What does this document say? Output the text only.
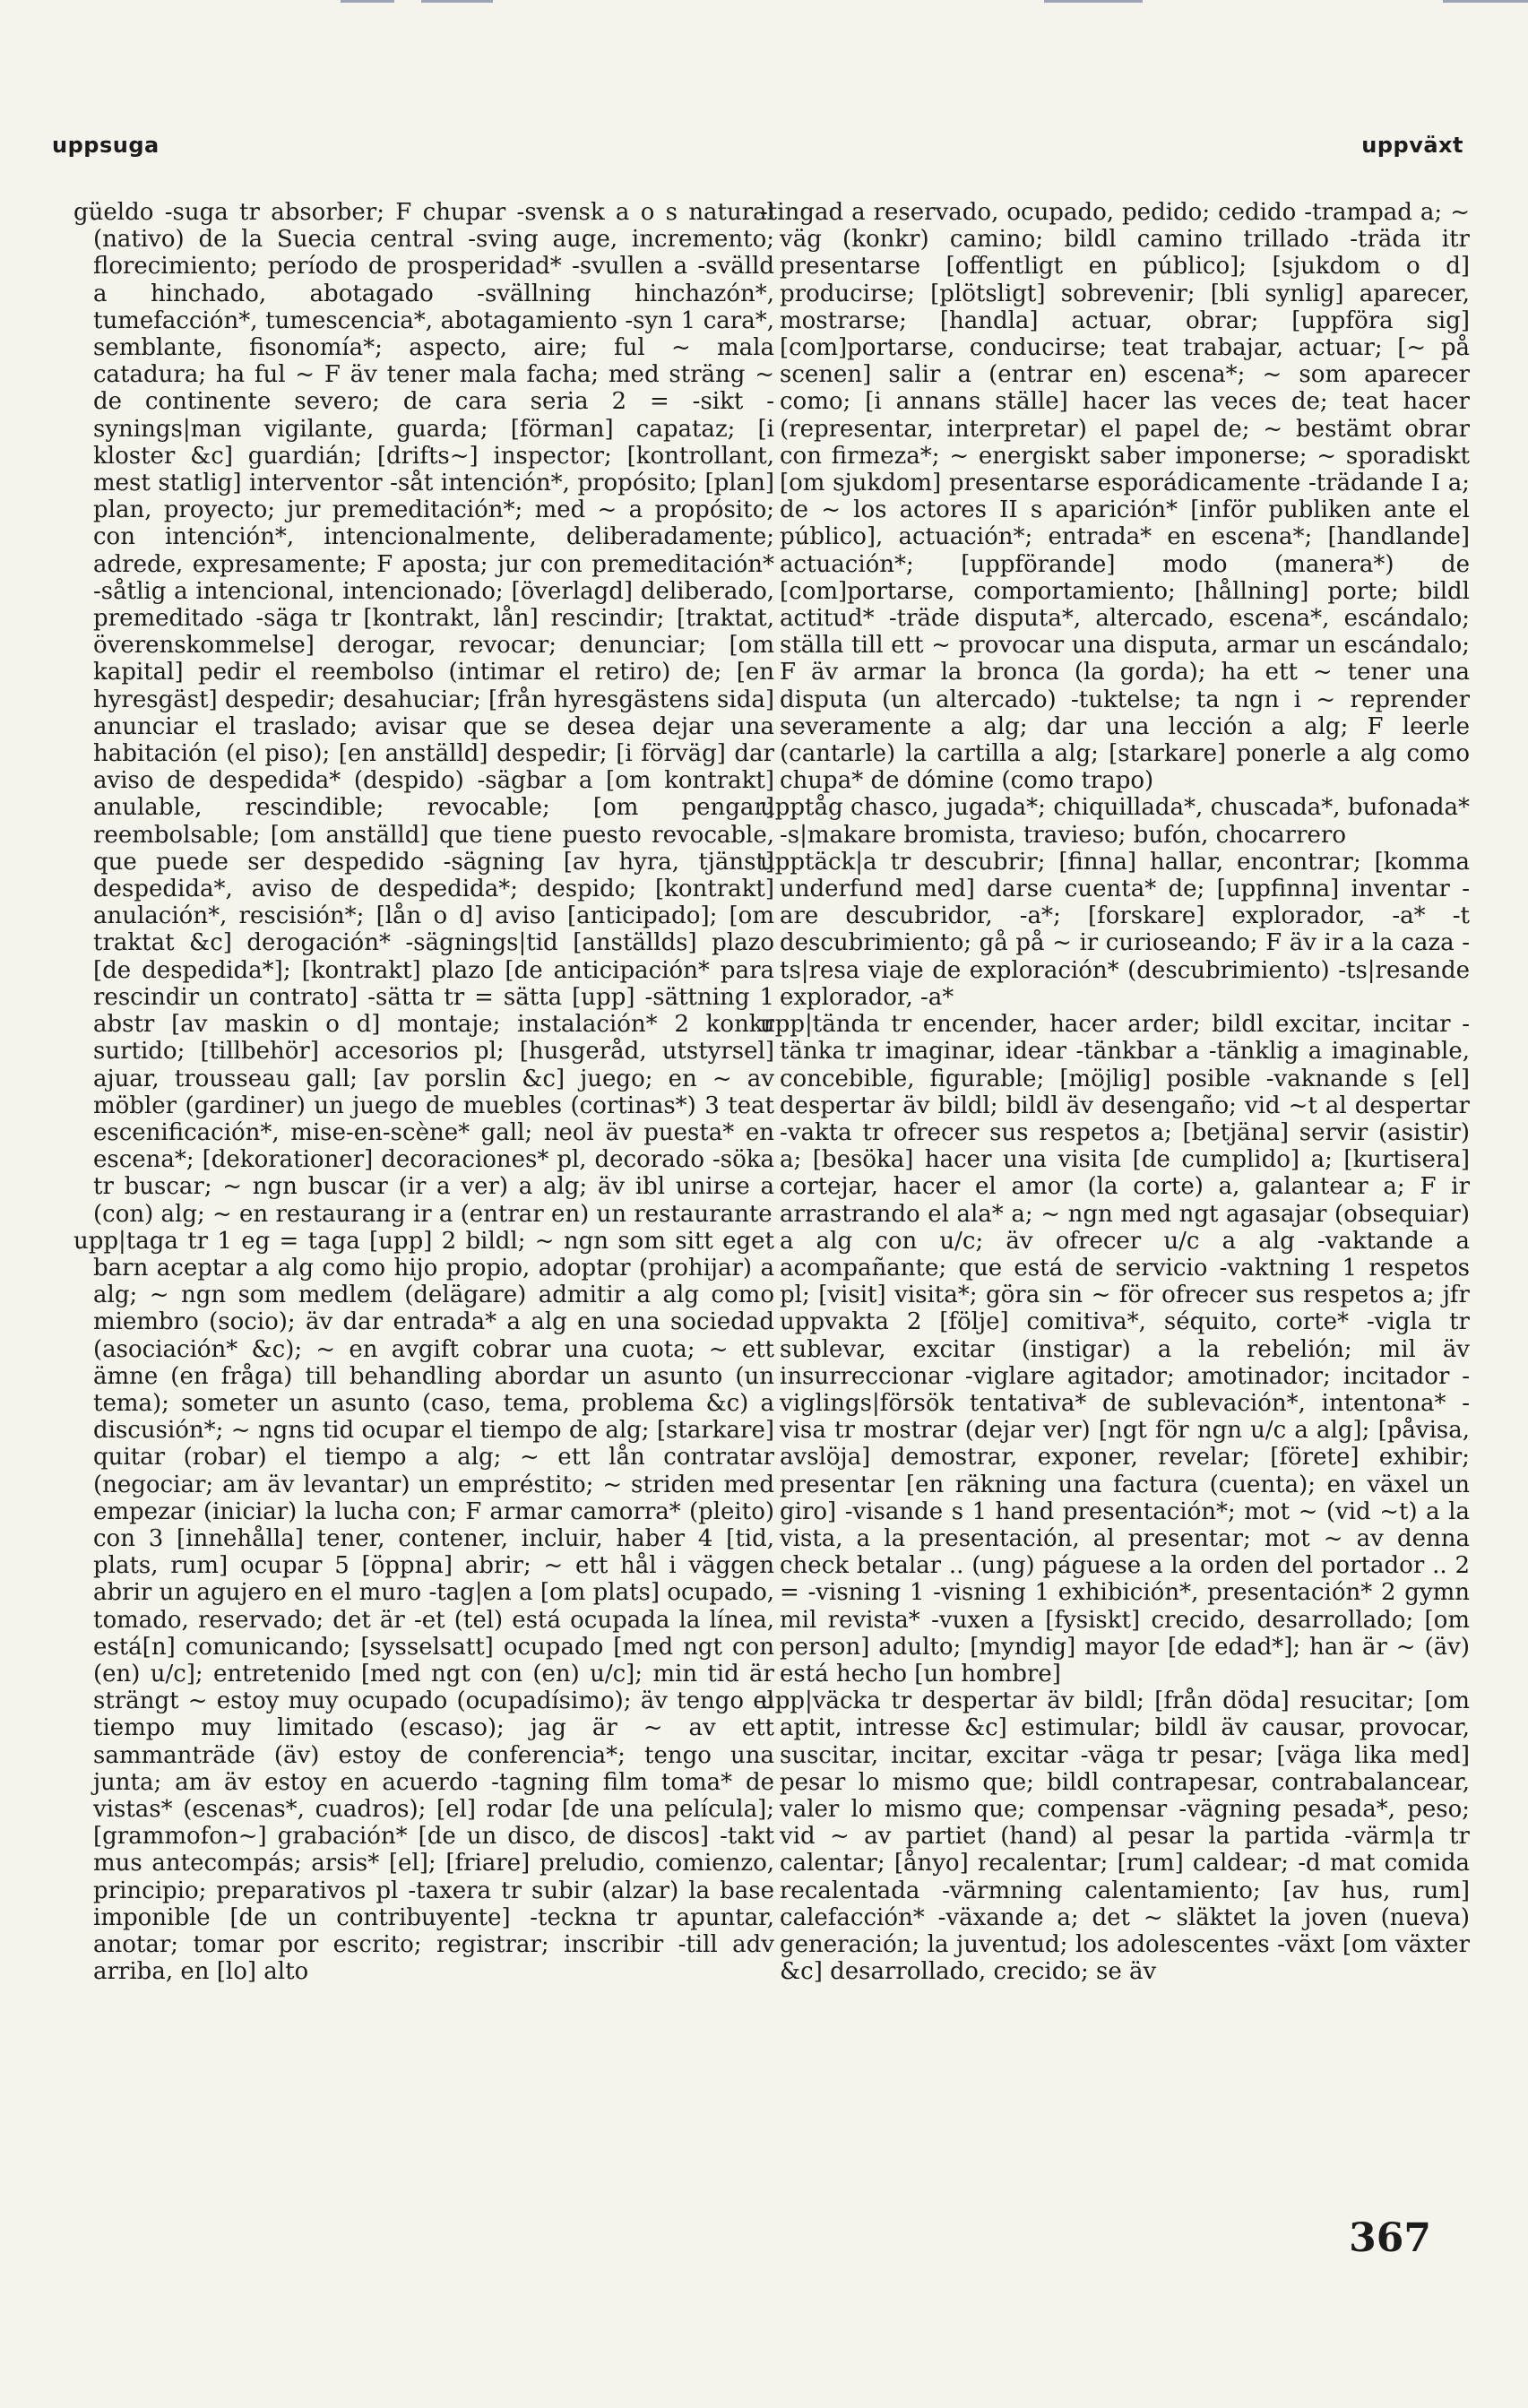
uppsuga	uppväxt

güeldo -suga tr absorber; F chupar -svensk a o s natural (nativo) de la Suecia central -sving auge, incremento; florecimiento; período de prosperidad* -svullen a -svälld a hinchado, abotagado -svällning hinchazón*, tumefacción*, tumescencia*, abotagamiento -syn 1 cara*, semblante, fisonomía*; aspecto, aire; ful ~ mala catadura; ha ful ~ F äv tener mala facha; med sträng ~ de continente severo; de cara seria 2 = -sikt -synings|man vigilante, guarda; [förman] capataz; [i kloster &c] guardián; [drifts~] inspector; [kontrollant, mest statlig] interventor -såt intención*, propósito; [plan] plan, proyecto; jur premeditación*; med ~ a propósito; con intención*, intencionalmente, deliberadamente; adrede, expresamente; F aposta; jur con premeditación* -såtlig a intencional, intencionado; [överlagd] deliberado, premeditado -säga tr [kontrakt, lån] rescindir; [traktat, överenskommelse] derogar, revocar; denunciar; [om kapital] pedir el reembolso (intimar el retiro) de; [en hyresgäst] despedir; desahuciar; [från hyresgästens sida] anunciar el traslado; avisar que se desea dejar una habitación (el piso); [en anställd] despedir; [i förväg] dar aviso de despedida* (despido) -sägbar a [om kontrakt] anulable, rescindible; revocable; [om pengar] reembolsable; [om anställd] que tiene puesto revocable, que puede ser despedido -sägning [av hyra, tjänst] despedida*, aviso de despedida*; despido; [kontrakt] anulación*, rescisión*; [lån o d] aviso [anticipado]; [om traktat &c] derogación* -sägnings|tid [anställds] plazo [de despedida*]; [kontrakt] plazo [de anticipación* para rescindir un contrato] -sätta tr = sätta [upp] -sättning 1 abstr [av maskin o d] montaje; instalación* 2 konkr surtido; [tillbehör] accesorios pl; [husgeråd, utstyrsel] ajuar, trousseau gall; [av porslin &c] juego; en ~ av möbler (gardiner) un juego de muebles (cortinas*) 3 teat escenificación*, mise-en-scène* gall; neol äv puesta* en escena*; [dekorationer] decoraciones* pl, decorado -söka tr buscar; ~ ngn buscar (ir a ver) a alg; äv ibl unirse a (con) alg; ~ en restaurang ir a (entrar en) un restaurante

upp|taga tr 1 eg = taga [upp] 2 bildl; ~ ngn som sitt eget barn aceptar a alg como hijo propio, adoptar (prohijar) a alg; ~ ngn som medlem (delägare) admitir a alg como miembro (socio); äv dar entrada* a alg en una sociedad (asociación* &c); ~ en avgift cobrar una cuota; ~ ett ämne (en fråga) till behandling abordar un asunto (un tema); someter un asunto (caso, tema, problema &c) a discusión*; ~ ngns tid ocupar el tiempo de alg; [starkare] quitar (robar) el tiempo a alg; ~ ett lån contratar (negociar; am äv levantar) un empréstito; ~ striden med empezar (iniciar) la lucha con; F armar camorra* (pleito) con 3 [innehålla] tener, contener, incluir, haber 4 [tid, plats, rum] ocupar 5 [öppna] abrir; ~ ett hål i väggen abrir un agujero en el muro -tag|en a [om plats] ocupado, tomado, reservado; det är -et (tel) está ocupada la línea, está[n] comunicando; [sysselsatt] ocupado [med ngt con (en) u/c]; entretenido [med ngt con (en) u/c]; min tid är strängt ~ estoy muy ocupado (ocupadísimo); äv tengo el tiempo muy limitado (escaso); jag är ~ av ett sammanträde (äv) estoy de conferencia*; tengo una junta; am äv estoy en acuerdo -tagning film toma* de vistas* (escenas*, cuadros); [el] rodar [de una película]; [grammofon~] grabación* [de un disco, de discos] -takt mus antecompás; arsis* [el]; [friare] preludio, comienzo, principio; preparativos pl -taxera tr subir (alzar) la base imponible [de un contribuyente] -teckna tr apuntar, anotar; tomar por escrito; registrar; inscribir -till adv arriba, en [lo] alto

-tingad a reservado, ocupado, pedido; cedido -trampad a; ~ väg (konkr) camino; bildl camino trillado -träda itr presentarse [offentligt en público]; [sjukdom o d] producirse; [plötsligt] sobrevenir; [bli synlig] aparecer, mostrarse; [handla] actuar, obrar; [uppföra sig] [com]portarse, conducirse; teat trabajar, actuar; [~ på scenen] salir a (entrar en) escena*; ~ som aparecer como; [i annans ställe] hacer las veces de; teat hacer (representar, interpretar) el papel de; ~ bestämt obrar con firmeza*; ~ energiskt saber imponerse; ~ sporadiskt [om sjukdom] presentarse esporádicamente -trädande I a; de ~ los actores II s aparición* [inför publiken ante el público], actuación*; entrada* en escena*; [handlande] actuación*; [uppförande] modo (manera*) de [com]portarse, comportamiento; [hållning] porte; bildl actitud* -träde disputa*, altercado, escena*, escándalo; ställa till ett ~ provocar una disputa, armar un escándalo; F äv armar la bronca (la gorda); ha ett ~ tener una disputa (un altercado) -tuktelse; ta ngn i ~ reprender severamente a alg; dar una lección a alg; F leerle (cantarle) la cartilla a alg; [starkare] ponerle a alg como chupa* de dómine (como trapo)

upptåg chasco, jugada*; chiquillada*, chuscada*, bufonada* -s|makare bromista, travieso; bufón, chocarrero

upptäck|a tr descubrir; [finna] hallar, encontrar; [komma underfund med] darse cuenta* de; [uppfinna] inventar -are descubridor, -a*; [forskare] explorador, -a* -t descubrimiento; gå på ~ ir curioseando; F äv ir a la caza -ts|resa viaje de exploración* (descubrimiento) -ts|resande explorador, -a*

upp|tända tr encender, hacer arder; bildl excitar, incitar -tänka tr imaginar, idear -tänkbar a -tänklig a imaginable, concebible, figurable; [möjlig] posible -vaknande s [el] despertar äv bildl; bildl äv desengaño; vid ~t al despertar -vakta tr ofrecer sus respetos a; [betjäna] servir (asistir) a; [besöka] hacer una visita [de cumplido] a; [kurtisera] cortejar, hacer el amor (la corte) a, galantear a; F ir arrastrando el ala* a; ~ ngn med ngt agasajar (obsequiar) a alg con u/c; äv ofrecer u/c a alg -vaktande a acompañante; que está de servicio -vaktning 1 respetos pl; [visit] visita*; göra sin ~ för ofrecer sus respetos a; jfr uppvakta 2 [följe] comitiva*, séquito, corte* -vigla tr sublevar, excitar (instigar) a la rebelión; mil äv insurreccionar -viglare agitador; amotinador; incitador -viglings|försök tentativa* de sublevación*, intentona* -visa tr mostrar (dejar ver) [ngt för ngn u/c a alg]; [påvisa, avslöja] demostrar, exponer, revelar; [förete] exhibir; presentar [en räkning una factura (cuenta); en växel un giro] -visande s 1 hand presentación*; mot ~ (vid ~t) a la vista, a la presentación, al presentar; mot ~ av denna check betalar .. (ung) páguese a la orden del portador .. 2 = -visning 1 -visning 1 exhibición*, presentación* 2 gymn mil revista* -vuxen a [fysiskt] crecido, desarrollado; [om person] adulto; [myndig] mayor [de edad*]; han är ~ (äv) está hecho [un hombre]

upp|väcka tr despertar äv bildl; [från döda] resucitar; [om aptit, intresse &c] estimular; bildl äv causar, provocar, suscitar, incitar, excitar -väga tr pesar; [väga lika med] pesar lo mismo que; bildl contrapesar, contrabalancear, valer lo mismo que; compensar -vägning pesada*, peso; vid ~ av partiet (hand) al pesar la partida -värm|a tr calentar; [ånyo] recalentar; [rum] caldear; -d mat comida recalentada -värmning calentamiento; [av hus, rum] calefacción* -växande a; det ~ släktet la joven (nueva) generación; la juventud; los adolescentes -växt [om växter &c] desarrollado, crecido; se äv

367
